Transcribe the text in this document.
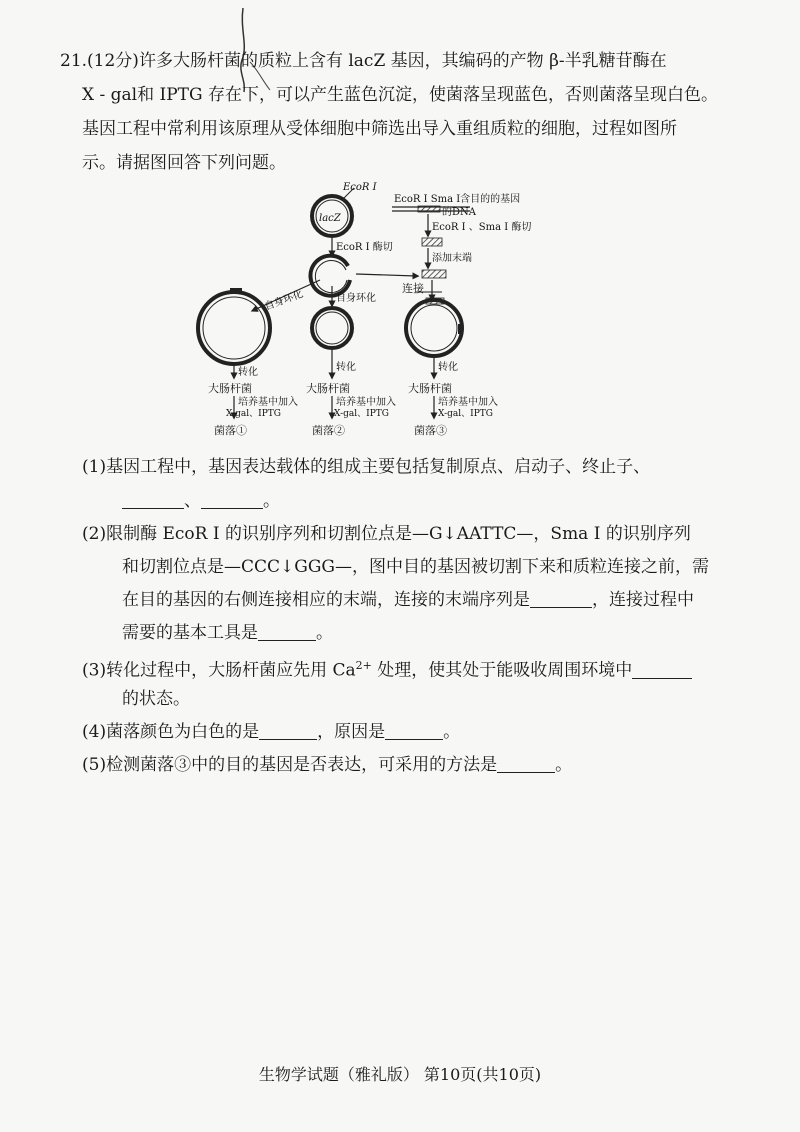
21.(12分)许多大肠杆菌的质粒上含有 lacZ 基因，其编码的产物 β-半乳糖苷酶在
X - gal和 IPTG 存在下，可以产生蓝色沉淀，使菌落呈现蓝色，否则菌落呈现白色。
基因工程中常利用该原理从受体细胞中筛选出导入重组质粒的细胞，过程如图所
示。请据图回答下列问题。
lacZ
EcoR I
EcoR I 酶切
EcoR I Sma I含目的的基因
的DNA
EcoR I 、Sma I 酶切
添加末端
连接
自身环化	自身环化
转化
大肠杆菌
培养基中加入
X-gal、IPTG
菌落①
转化
大肠杆菌
培养基中加入
X-gal、IPTG
菌落②
转化
大肠杆菌
培养基中加入
X-gal、IPTG
菌落③
(1)基因工程中，基因表达载体的组成主要包括复制原点、启动子、终止子、
、	。
(2)限制酶 EcoR I 的识别序列和切割位点是—G↓AATTC—，Sma I 的识别序列
和切割位点是—CCC↓GGG—，图中目的基因被切割下来和质粒连接之前，需
在目的基因的右侧连接相应的末端，连接的末端序列是	，连接过程中
需要的基本工具是	。
(3)转化过程中，大肠杆菌应先用 $Ca^{2+}$ 处理，使其处于能吸收周围环境中
的状态。
(4)菌落颜色为白色的是	，原因是	。
(5)检测菌落③中的目的基因是否表达，可采用的方法是	。
生物学试题（雅礼版） 第10页(共10页)
